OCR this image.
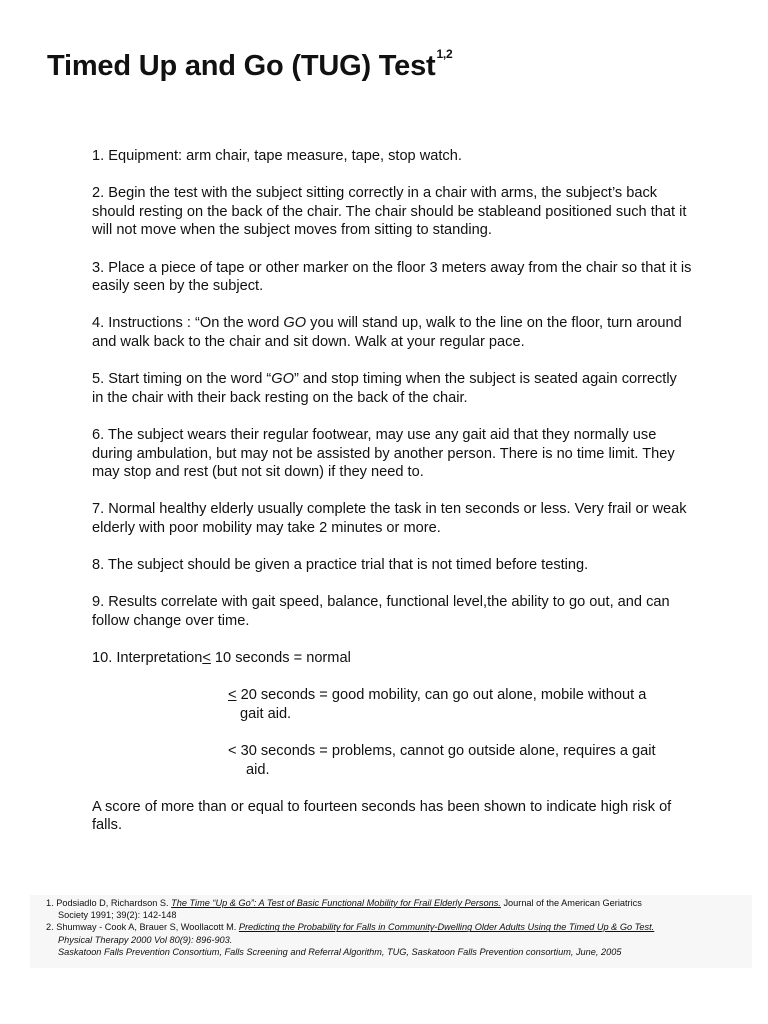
Timed Up and Go (TUG) Test$^{1,2}$

1. Equipment: arm chair, tape measure, tape, stop watch.

2. Begin the test with the subject sitting correctly in a chair with arms, the subject’s back should resting on the back of the chair. The chair should be stableand positioned such that it will not move when the subject moves from sitting to standing.

3. Place a piece of tape or other marker on the floor 3 meters away from the chair so that it is easily seen by the subject.

4. Instructions : “On the word GO you will stand up, walk to the line on the floor, turn around and walk back to the chair and sit down. Walk at your regular pace.

5. Start timing on the word “GO” and stop timing when the subject is seated again correctly in the chair with their back resting on the back of the chair.

6. The subject wears their regular footwear, may use any gait aid that they normally use during ambulation, but may not be assisted by another person. There is no time limit. They may stop and rest (but not sit down) if they need to.

7. Normal healthy elderly usually complete the task in ten seconds or less. Very frail or weak elderly with poor mobility may take 2 minutes or more.

8. The subject should be given a practice trial that is not timed before testing.

9. Results correlate with gait speed, balance, functional level,the ability to go out, and can follow change over time.

10. Interpretation≤ 10 seconds = normal
≤ 20 seconds = good mobility, can go out alone, mobile without a
gait aid.
< 30 seconds = problems, cannot go outside alone, requires a gait
aid.

A score of more than or equal to fourteen seconds has been shown to indicate high risk of falls.

1. Podsiadlo D, Richardson S. The Time “Up & Go”: A Test of Basic Functional Mobility for Frail Elderly Persons. Journal of the American Geriatrics
Society 1991; 39(2): 142-148
2. Shumway - Cook A, Brauer S, Woollacott M. Predicting the Probability for Falls in Community-Dwelling Older Adults Using the Timed Up & Go Test.
Physical Therapy 2000 Vol 80(9): 896-903.
Saskatoon Falls Prevention Consortium, Falls Screening and Referral Algorithm, TUG, Saskatoon Falls Prevention consortium, June, 2005
